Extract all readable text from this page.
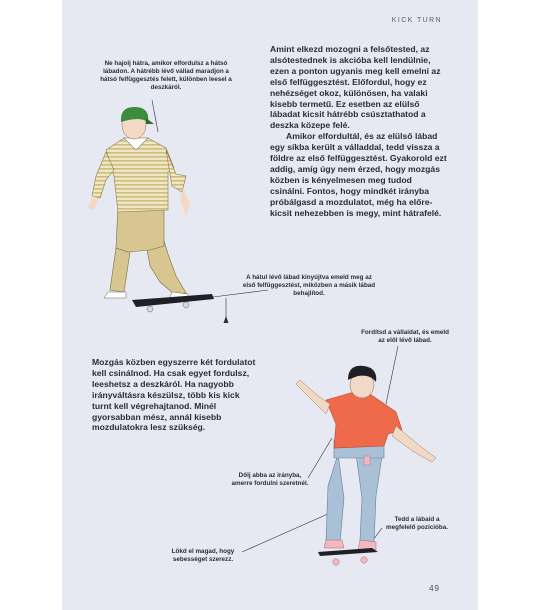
KICK TURN

Amint elkezd mozogni a felsőtested, az alsótestednek is akcióba kell lendülnie, ezen a ponton ugyanis meg kell emelni az első felfüggesztést. Előfordul, hogy ez nehézséget okoz, különösen, ha valaki kisebb termetű. Ez esetben az elülső lábadat kicsit hátrébb csúsztathatod a deszka közepe felé.

Amikor elfordultál, és az elülső lábad egy síkba került a válladdal, tedd vissza a földre az első felfüggesztést. Gyakorold ezt addig, amíg úgy nem érzed, hogy mozgás közben is kényelmesen meg tudod csinálni. Fontos, hogy mindkét irányba próbálgasd a mozdulatot, még ha előre- kicsit nehezebben is megy, mint hátrafelé.

Mozgás közben egyszerre két fordulatot kell csinálnod. Ha csak egyet fordulsz, leeshetsz a deszkáról. Ha nagyobb irányváltásra készülsz, több kis kick turnt kell végrehajtanod. Minél gyorsabban mész, annál kisebb mozdulatokra lesz szükség.

Ne hajolj hátra, amikor elfordulsz a hátsó lábadon. A hátrébb lévő vállad maradjon a hátsó felfüggesztés felett, különben leesel a deszkáról.
A hátul lévő lábad kinyújtva emeld meg az első felfüggesztést, miközben a másik lábad behajlítod.
Fordítsd a vállaidat, és emeld az elől lévő lábad.
Dőlj abba az irányba, amerre fordulni szeretnél.
Tedd a lábaid a megfelelő pozícióba.
Lökd el magad, hogy sebességet szerezz.
49
